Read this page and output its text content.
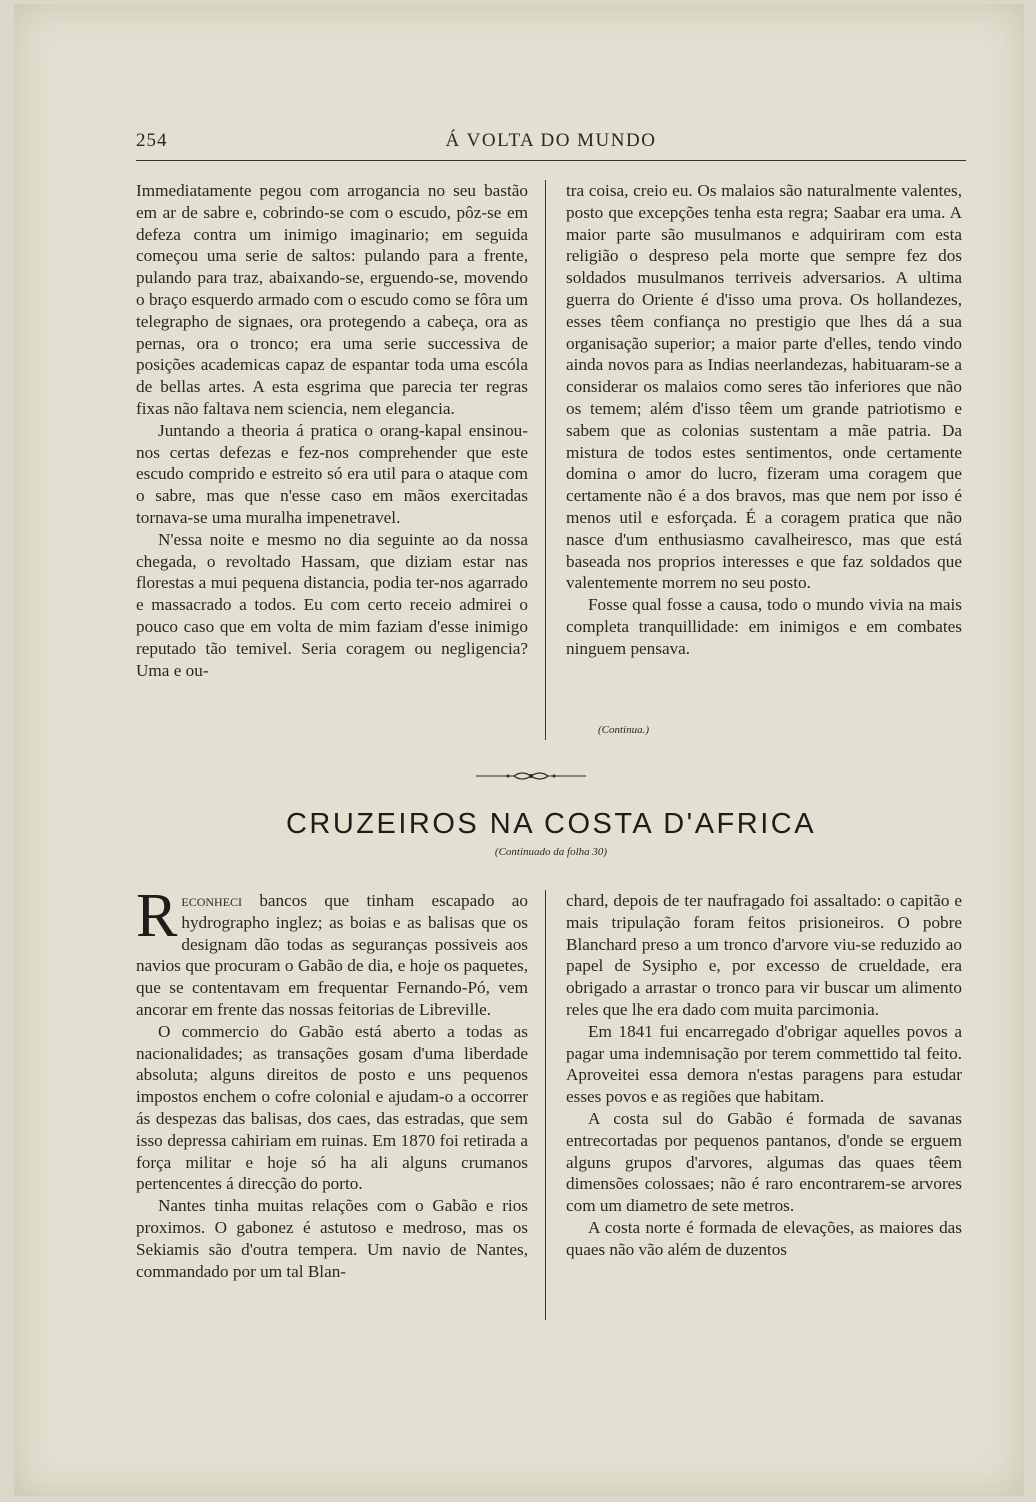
254	Á VOLTA DO MUNDO

Immediatamente pegou com arrogancia no seu bastão em ar de sabre e, cobrindo-se com o escudo, pôz-se em defeza contra um inimigo imaginario; em seguida começou uma serie de saltos: pulando para a frente, pulando para traz, abaixando-se, erguendo-se, movendo o braço esquerdo armado com o escudo como se fôra um telegrapho de signaes, ora protegendo a cabeça, ora as pernas, ora o tronco; era uma serie successiva de posições academicas capaz de espantar toda uma escóla de bellas artes. A esta esgrima que parecia ter regras fixas não faltava nem sciencia, nem elegancia.

Juntando a theoria á pratica o orang-kapal ensinou-nos certas defezas e fez-nos comprehender que este escudo comprido e estreito só era util para o ataque com o sabre, mas que n'esse caso em mãos exercitadas tornava-se uma muralha impenetravel.

N'essa noite e mesmo no dia seguinte ao da nossa chegada, o revoltado Hassam, que diziam estar nas florestas a mui pequena distancia, podia ter-nos agarrado e massacrado a todos. Eu com certo receio admirei o pouco caso que em volta de mim faziam d'esse inimigo reputado tão temivel. Seria coragem ou negligencia? Uma e ou-

tra coisa, creio eu. Os malaios são naturalmente valentes, posto que excepções tenha esta regra; Saabar era uma. A maior parte são musulmanos e adquiriram com esta religião o despreso pela morte que sempre fez dos soldados musulmanos terriveis adversarios. A ultima guerra do Oriente é d'isso uma prova. Os hollandezes, esses têem confiança no prestigio que lhes dá a sua organisação superior; a maior parte d'elles, tendo vindo ainda novos para as Indias neerlandezas, habituaram-se a considerar os malaios como seres tão inferiores que não os temem; além d'isso têem um grande patriotismo e sabem que as colonias sustentam a mãe patria. Da mistura de todos estes sentimentos, onde certamente domina o amor do lucro, fizeram uma coragem que certamente não é a dos bravos, mas que nem por isso é menos util e esforçada. É a coragem pratica que não nasce d'um enthusiasmo cavalheiresco, mas que está baseada nos proprios interesses e que faz soldados que valentemente morrem no seu posto.

Fosse qual fosse a causa, todo o mundo vivia na mais completa tranquillidade: em inimigos e em combates ninguem pensava.

(Continua.)
CRUZEIROS NA COSTA D'AFRICA
(Continuado da folha 30)

Reconheci bancos que tinham escapado ao hydrographo inglez; as boias e as balisas que os designam dão todas as seguranças possiveis aos navios que procuram o Gabão de dia, e hoje os paquetes, que se contentavam em frequentar Fernando-Pó, vem ancorar em frente das nossas feitorias de Libreville.

O commercio do Gabão está aberto a todas as nacionalidades; as transações gosam d'uma liberdade absoluta; alguns direitos de posto e uns pequenos impostos enchem o cofre colonial e ajudam-o a occorrer ás despezas das balisas, dos caes, das estradas, que sem isso depressa cahiriam em ruinas. Em 1870 foi retirada a força militar e hoje só ha ali alguns crumanos pertencentes á direcção do porto.

Nantes tinha muitas relações com o Gabão e rios proximos. O gabonez é astutoso e medroso, mas os Sekiamis são d'outra tempera. Um navio de Nantes, commandado por um tal Blan-

chard, depois de ter naufragado foi assaltado: o capitão e mais tripulação foram feitos prisioneiros. O pobre Blanchard preso a um tronco d'arvore viu-se reduzido ao papel de Sysipho e, por excesso de crueldade, era obrigado a arrastar o tronco para vir buscar um alimento reles que lhe era dado com muita parcimonia.

Em 1841 fui encarregado d'obrigar aquelles povos a pagar uma indemnisação por terem commettido tal feito. Aproveitei essa demora n'estas paragens para estudar esses povos e as regiões que habitam.

A costa sul do Gabão é formada de savanas entrecortadas por pequenos pantanos, d'onde se erguem alguns grupos d'arvores, algumas das quaes têem dimensões colossaes; não é raro encontrarem-se arvores com um diametro de sete metros.

A costa norte é formada de elevações, as maiores das quaes não vão além de duzentos
